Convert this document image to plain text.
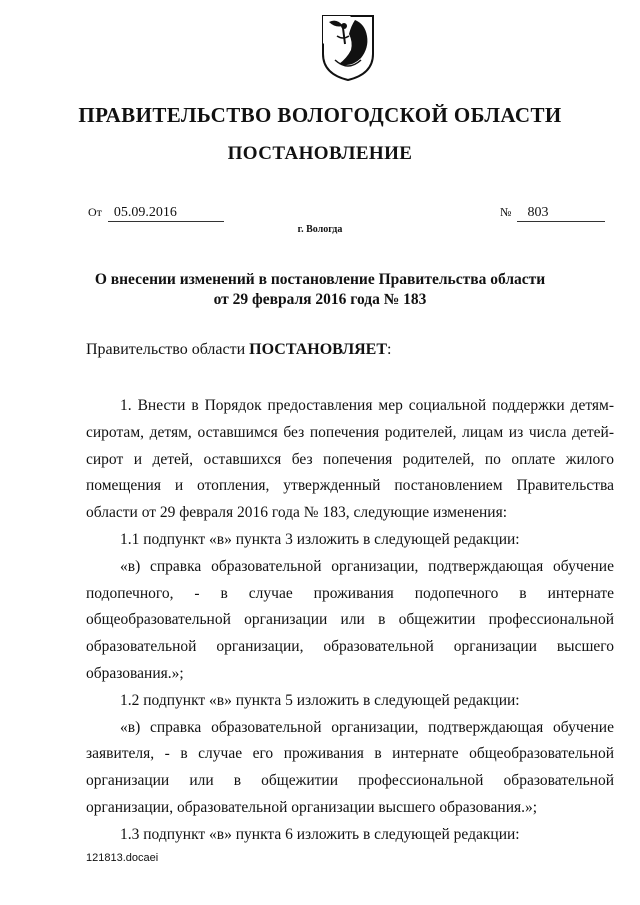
ПРАВИТЕЛЬСТВО ВОЛОГОДСКОЙ ОБЛАСТИ
ПОСТАНОВЛЕНИЕ
От 05.09.2016	№ 803
г. Вологда
О внесении изменений в постановление Правительства области
от 29 февраля 2016 года № 183
Правительство области ПОСТАНОВЛЯЕТ:

1. Внести в Порядок предоставления мер социальной поддержки детям-сиротам, детям, оставшимся без попечения родителей, лицам из числа детей-сирот и детей, оставшихся без попечения родителей, по оплате жилого помещения и отопления, утвержденный постановлением Правительства области от 29 февраля 2016 года № 183, следующие изменения:

1.1 подпункт «в» пункта 3 изложить в следующей редакции:

«в) справка образовательной организации, подтверждающая обучение подопечного, - в случае проживания подопечного в интернате общеобразовательной организации или в общежитии профессиональной образовательной организации, образовательной организации высшего образования.»;

1.2 подпункт «в» пункта 5 изложить в следующей редакции:

«в) справка образовательной организации, подтверждающая обучение заявителя, - в случае его проживания в интернате общеобразовательной организации или в общежитии профессиональной образовательной организации, образовательной организации высшего образования.»;

1.3 подпункт «в» пункта 6 изложить в следующей редакции:

121813.docaei
